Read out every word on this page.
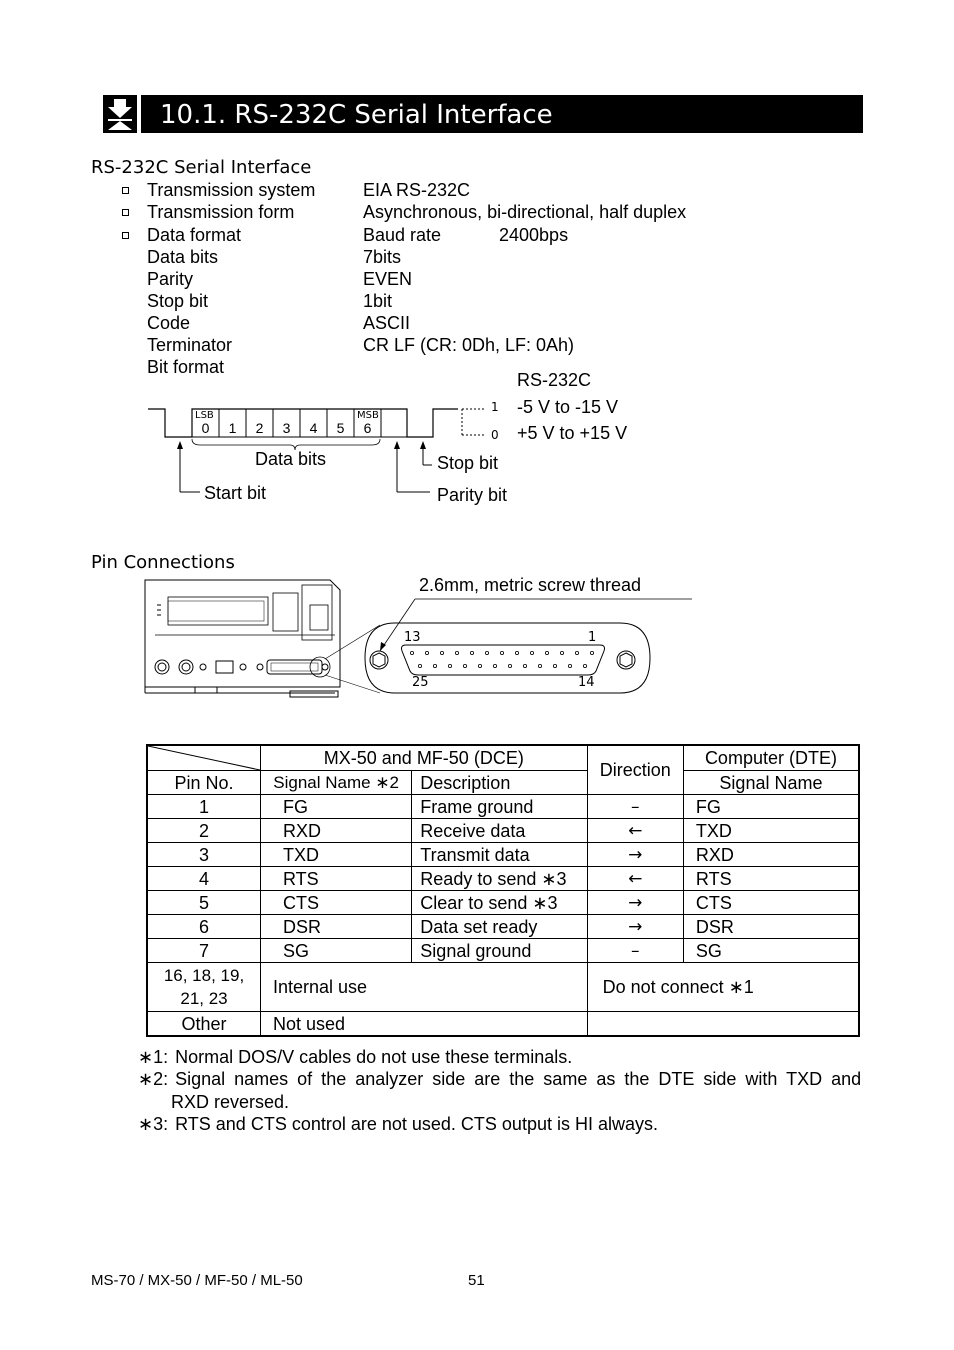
10.1. RS-232C Serial Interface
RS-232C Serial Interface
Transmission system	EIA RS-232C
Transmission form	Asynchronous, bi-directional, half duplex
Data format	Baud rate	2400bps
Data bits	7bits
Parity	EVEN
Stop bit	1bit
Code	ASCII
Terminator	CR LF (CR: 0Dh, LF: 0Ah)
Bit format
LSB	MSB
0	1	2	3	4	5	6
1
0
RS-232C
-5 V to -15 V
+5 V to +15 V
Data bits	Stop bit
Start bit	Parity bit
Pin Connections
2.6mm, metric screw thread
13	1
25	14
	MX-50 and MF-50 (DCE)		Direction	Computer (DTE)
Pin No.	Signal Name ∗2	Description		Signal Name
1	FG	Frame ground	–	FG
2	RXD	Receive data	←	TXD
3	TXD	Transmit data	→	RXD
4	RTS	Ready to send ∗3	←	RTS
5	CTS	Clear to send ∗3	→	CTS
6	DSR	Data set ready	→	DSR
7	SG	Signal ground	–	SG

16, 18, 19,
21, 23	Internal use		Do not connect ∗1	
Other	Not used			
∗1: Normal DOS/V cables do not use these terminals.
∗2: Signal names of the analyzer side are the same as the DTE side with TXD and
RXD reversed.
∗3: RTS and CTS control are not used. CTS output is HI always.
MS-70 / MX-50 / MF-50 / ML-50	51
